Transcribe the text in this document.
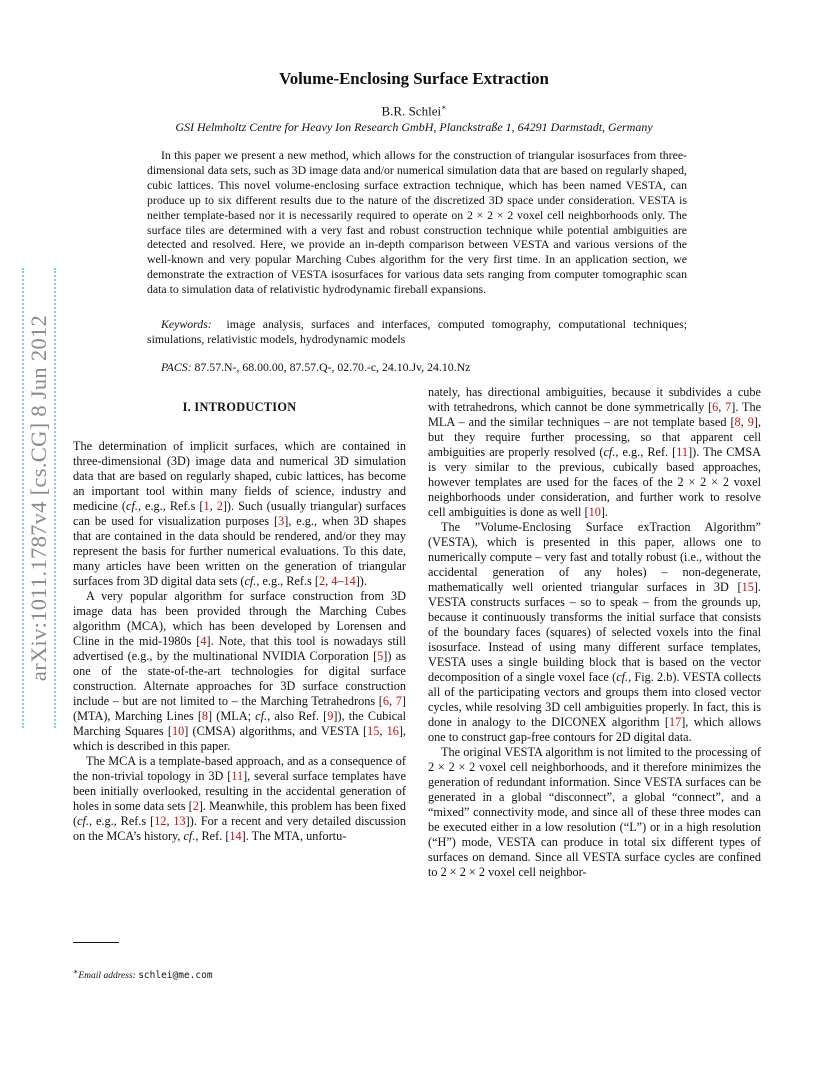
arXiv:1011.1787v4 [cs.CG] 8 Jun 2012
Volume-Enclosing Surface Extraction
B.R. Schlei∗
GSI Helmholtz Centre for Heavy Ion Research GmbH, Planckstraße 1, 64291 Darmstadt, Germany

In this paper we present a new method, which allows for the construction of triangular isosurfaces from three-dimensional data sets, such as 3D image data and/or numerical simulation data that are based on regularly shaped, cubic lattices. This novel volume-enclosing surface extraction technique, which has been named VESTA, can produce up to six different results due to the nature of the discretized 3D space under consideration. VESTA is neither template-based nor it is necessarily required to operate on 2 × 2 × 2 voxel cell neighborhoods only. The surface tiles are determined with a very fast and robust construction technique while potential ambiguities are detected and resolved. Here, we provide an in-depth comparison between VESTA and various versions of the well-known and very popular Marching Cubes algorithm for the very first time. In an application section, we demonstrate the extraction of VESTA isosurfaces for various data sets ranging from computer tomographic scan data to simulation data of relativistic hydrodynamic fireball expansions.

Keywords: image analysis, surfaces and interfaces, computed tomography, computational techniques; simulations, relativistic models, hydrodynamic models

PACS: 87.57.N-, 68.00.00, 87.57.Q-, 02.70.-c, 24.10.Jv, 24.10.Nz

I. INTRODUCTION

The determination of implicit surfaces, which are contained in three-dimensional (3D) image data and numerical 3D simulation data that are based on regularly shaped, cubic lattices, has become an important tool within many fields of science, industry and medicine (cf., e.g., Ref.s [1, 2]). Such (usually triangular) surfaces can be used for visualization purposes [3], e.g., when 3D shapes that are contained in the data should be rendered, and/or they may represent the basis for further numerical evaluations. To this date, many articles have been written on the generation of triangular surfaces from 3D digital data sets (cf., e.g., Ref.s [2, 4–14]).

A very popular algorithm for surface construction from 3D image data has been provided through the Marching Cubes algorithm (MCA), which has been developed by Lorensen and Cline in the mid-1980s [4]. Note, that this tool is nowadays still advertised (e.g., by the multinational NVIDIA Corporation [5]) as one of the state-of-the-art technologies for digital surface construction. Alternate approaches for 3D surface construction include – but are not limited to – the Marching Tetrahedrons [6, 7] (MTA), Marching Lines [8] (MLA; cf., also Ref. [9]), the Cubical Marching Squares [10] (CMSA) algorithms, and VESTA [15, 16], which is described in this paper.

The MCA is a template-based approach, and as a consequence of the non-trivial topology in 3D [11], several surface templates have been initially overlooked, resulting in the accidental generation of holes in some data sets [2]. Meanwhile, this problem has been fixed (cf., e.g., Ref.s [12, 13]). For a recent and very detailed discussion on the MCA’s history, cf., Ref. [14]. The MTA, unfortu-

nately, has directional ambiguities, because it subdivides a cube with tetrahedrons, which cannot be done symmetrically [6, 7]. The MLA – and the similar techniques – are not template based [8, 9], but they require further processing, so that apparent cell ambiguities are properly resolved (cf., e.g., Ref. [11]). The CMSA is very similar to the previous, cubically based approaches, however templates are used for the faces of the 2 × 2 × 2 voxel neighborhoods under consideration, and further work to resolve cell ambiguities is done as well [10].

The ”Volume-Enclosing Surface exTraction Algorithm” (VESTA), which is presented in this paper, allows one to numerically compute – very fast and totally robust (i.e., without the accidental generation of any holes) – non-degenerate, mathematically well oriented triangular surfaces in 3D [15]. VESTA constructs surfaces – so to speak – from the grounds up, because it continuously transforms the initial surface that consists of the boundary faces (squares) of selected voxels into the final isosurface. Instead of using many different surface templates, VESTA uses a single building block that is based on the vector decomposition of a single voxel face (cf., Fig. 2.b). VESTA collects all of the participating vectors and groups them into closed vector cycles, while resolving 3D cell ambiguities properly. In fact, this is done in analogy to the DICONEX algorithm [17], which allows one to construct gap-free contours for 2D digital data.

The original VESTA algorithm is not limited to the processing of 2 × 2 × 2 voxel cell neighborhoods, and it therefore minimizes the generation of redundant information. Since VESTA surfaces can be generated in a global “disconnect”, a global “connect”, and a “mixed” connectivity mode, and since all of these three modes can be executed either in a low resolution (“L”) or in a high resolution (“H”) mode, VESTA can produce in total six different types of surfaces on demand. Since all VESTA surface cycles are confined to 2 × 2 × 2 voxel cell neighbor-

∗Email address: schlei@me.com
